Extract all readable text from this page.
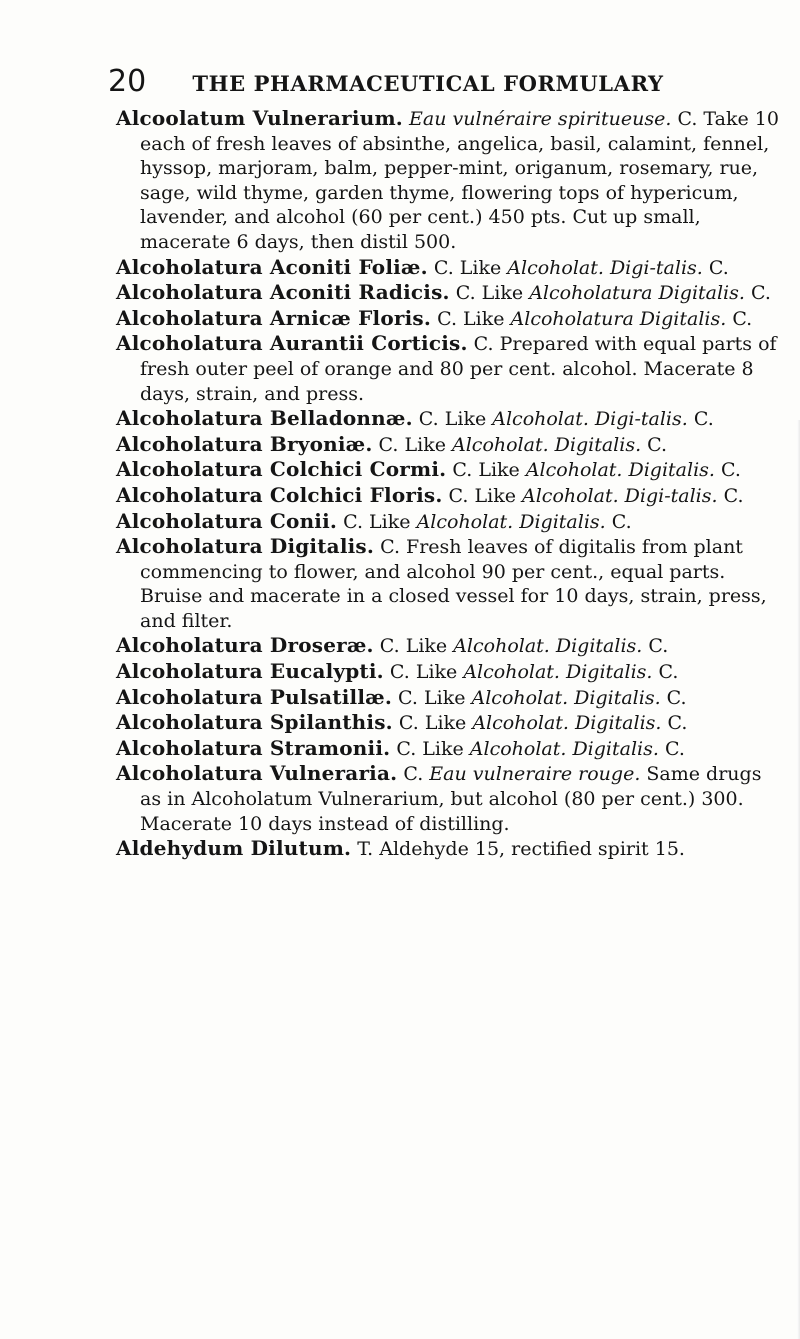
20	THE PHARMACEUTICAL FORMULARY

Alcoolatum Vulnerarium. Eau vulnéraire spiritueuse. C. Take 10 each of fresh leaves of absinthe, angelica, basil, calamint, fennel, hyssop, marjoram, balm, pepper-mint, origanum, rosemary, rue, sage, wild thyme, garden thyme, flowering tops of hypericum, lavender, and alcohol (60 per cent.) 450 pts. Cut up small, macerate 6 days, then distil 500.

Alcoholatura Aconiti Foliæ. C. Like Alcoholat. Digi-talis. C.

Alcoholatura Aconiti Radicis. C. Like Alcoholatura Digitalis. C.

Alcoholatura Arnicæ Floris. C. Like Alcoholatura Digitalis. C.

Alcoholatura Aurantii Corticis. C. Prepared with equal parts of fresh outer peel of orange and 80 per cent. alcohol. Macerate 8 days, strain, and press.

Alcoholatura Belladonnæ. C. Like Alcoholat. Digi-talis. C.

Alcoholatura Bryoniæ. C. Like Alcoholat. Digitalis. C.

Alcoholatura Colchici Cormi. C. Like Alcoholat. Digitalis. C.

Alcoholatura Colchici Floris. C. Like Alcoholat. Digi-talis. C.

Alcoholatura Conii. C. Like Alcoholat. Digitalis. C.

Alcoholatura Digitalis. C. Fresh leaves of digitalis from plant commencing to flower, and alcohol 90 per cent., equal parts. Bruise and macerate in a closed vessel for 10 days, strain, press, and filter.

Alcoholatura Droseræ. C. Like Alcoholat. Digitalis. C.

Alcoholatura Eucalypti. C. Like Alcoholat. Digitalis. C.

Alcoholatura Pulsatillæ. C. Like Alcoholat. Digitalis. C.

Alcoholatura Spilanthis. C. Like Alcoholat. Digitalis. C.

Alcoholatura Stramonii. C. Like Alcoholat. Digitalis. C.

Alcoholatura Vulneraria. C. Eau vulneraire rouge. Same drugs as in Alcoholatum Vulnerarium, but alcohol (80 per cent.) 300. Macerate 10 days instead of distilling.

Aldehydum Dilutum. T. Aldehyde 15, rectified spirit 15.
